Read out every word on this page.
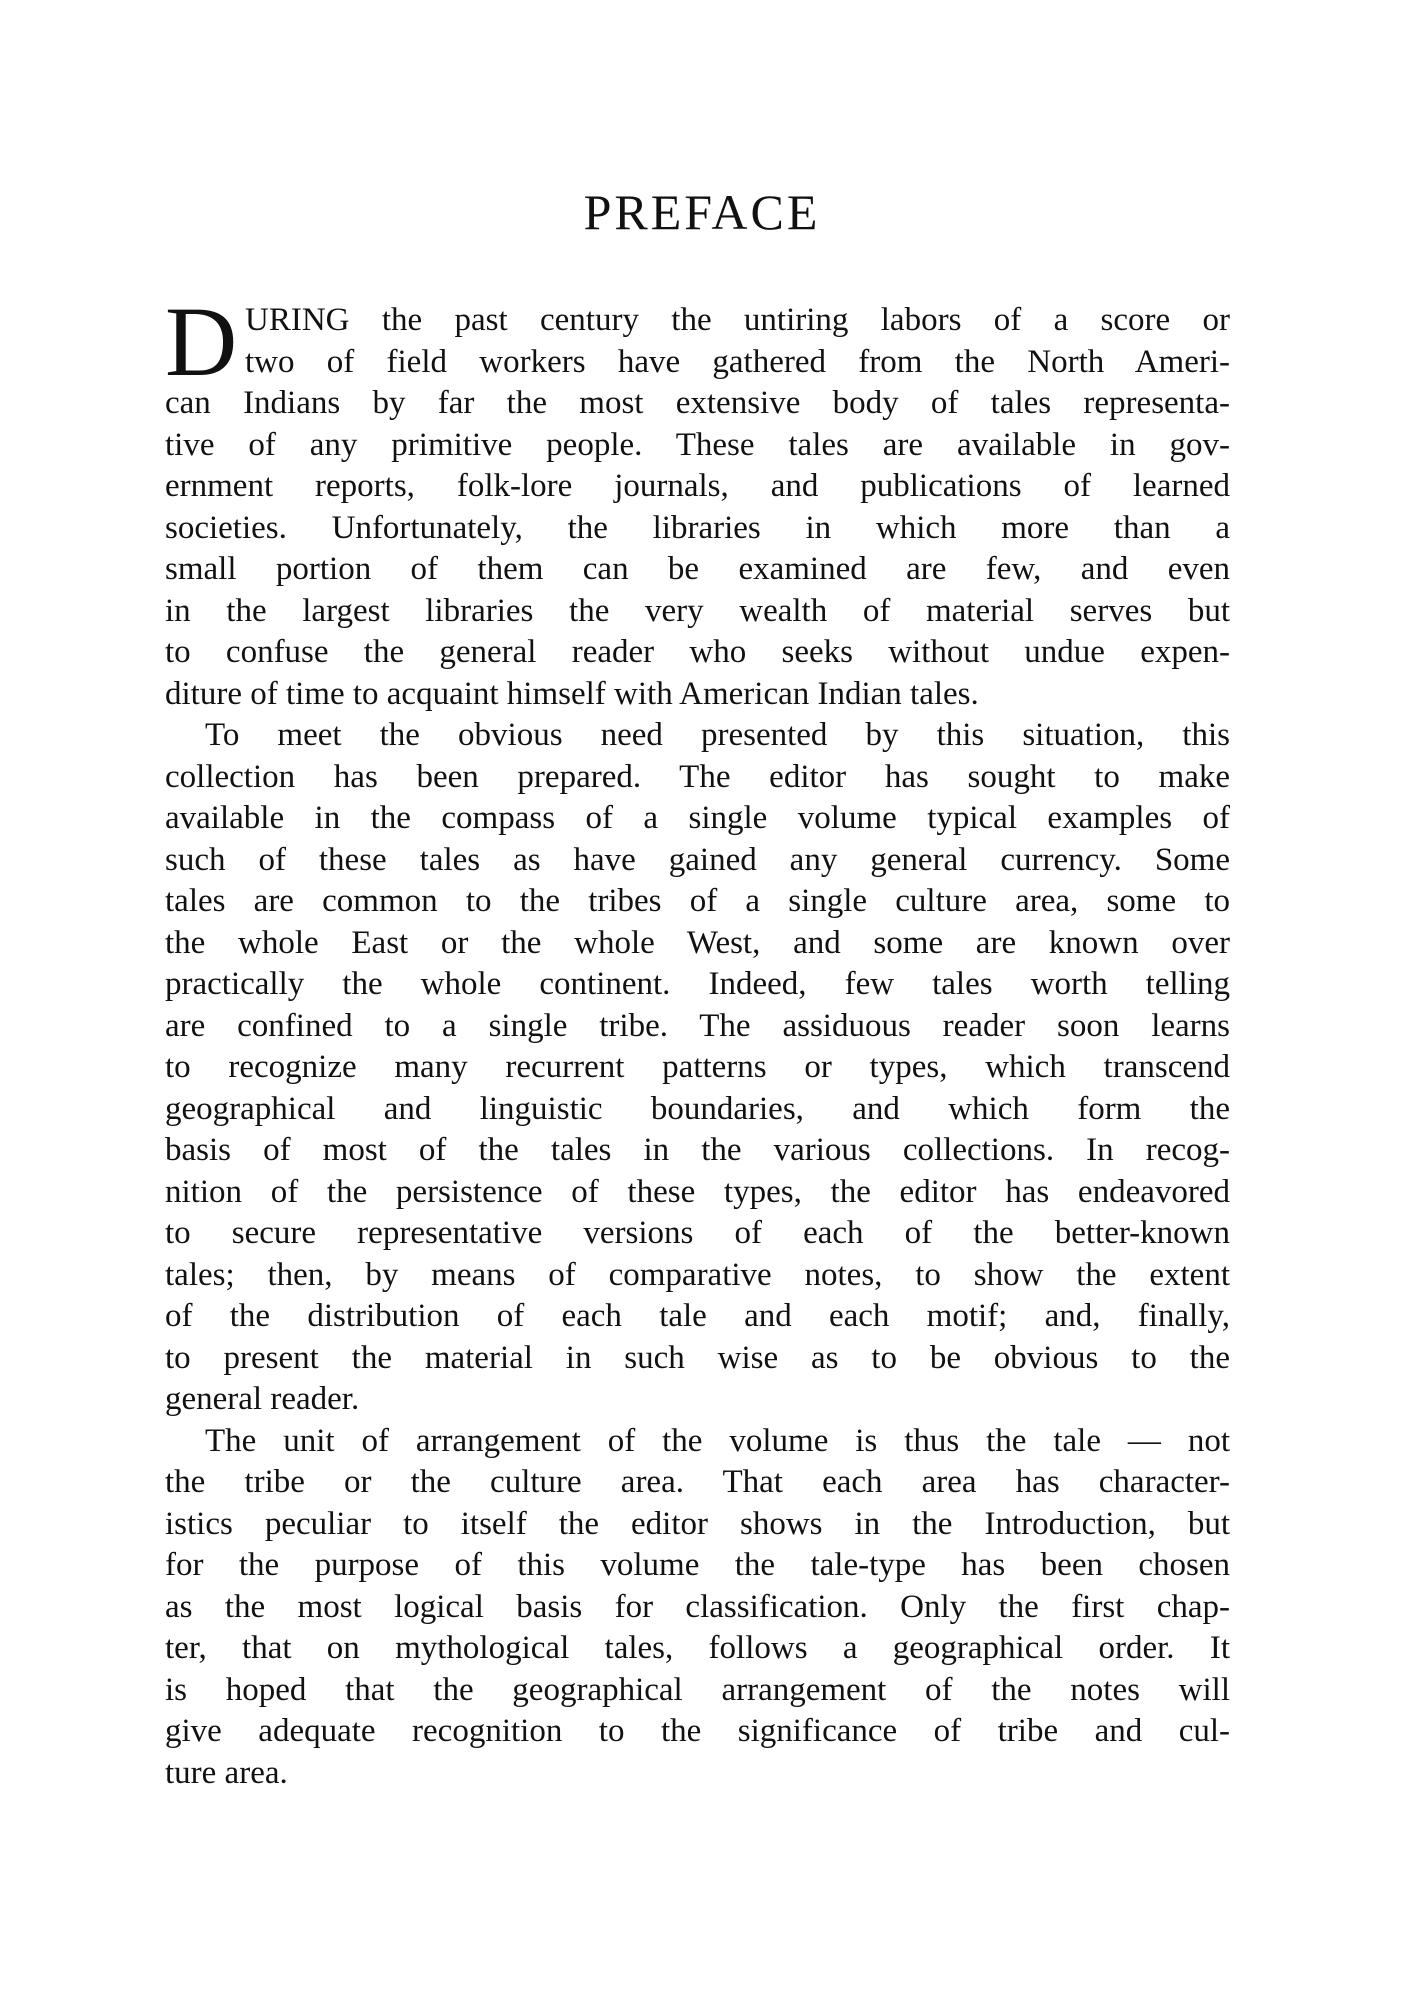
PREFACE
D URING the past century the untiring labors of a score or
two of field workers have gathered from the North Ameri-
can Indians by far the most extensive body of tales representa-
tive of any primitive people. These tales are available in gov-
ernment reports, folk-lore journals, and publications of learned
societies. Unfortunately, the libraries in which more than a
small portion of them can be examined are few, and even
in the largest libraries the very wealth of material serves but
to confuse the general reader who seeks without undue expen-
diture of time to acquaint himself with American Indian tales.
To meet the obvious need presented by this situation, this
collection has been prepared. The editor has sought to make
available in the compass of a single volume typical examples of
such of these tales as have gained any general currency. Some
tales are common to the tribes of a single culture area, some to
the whole East or the whole West, and some are known over
practically the whole continent. Indeed, few tales worth telling
are confined to a single tribe. The assiduous reader soon learns
to recognize many recurrent patterns or types, which transcend
geographical and linguistic boundaries, and which form the
basis of most of the tales in the various collections. In recog-
nition of the persistence of these types, the editor has endeavored
to secure representative versions of each of the better-known
tales; then, by means of comparative notes, to show the extent
of the distribution of each tale and each motif; and, finally,
to present the material in such wise as to be obvious to the
general reader.
The unit of arrangement of the volume is thus the tale — not
the tribe or the culture area. That each area has character-
istics peculiar to itself the editor shows in the Introduction, but
for the purpose of this volume the tale-type has been chosen
as the most logical basis for classification. Only the first chap-
ter, that on mythological tales, follows a geographical order. It
is hoped that the geographical arrangement of the notes will
give adequate recognition to the significance of tribe and cul-
ture area.
